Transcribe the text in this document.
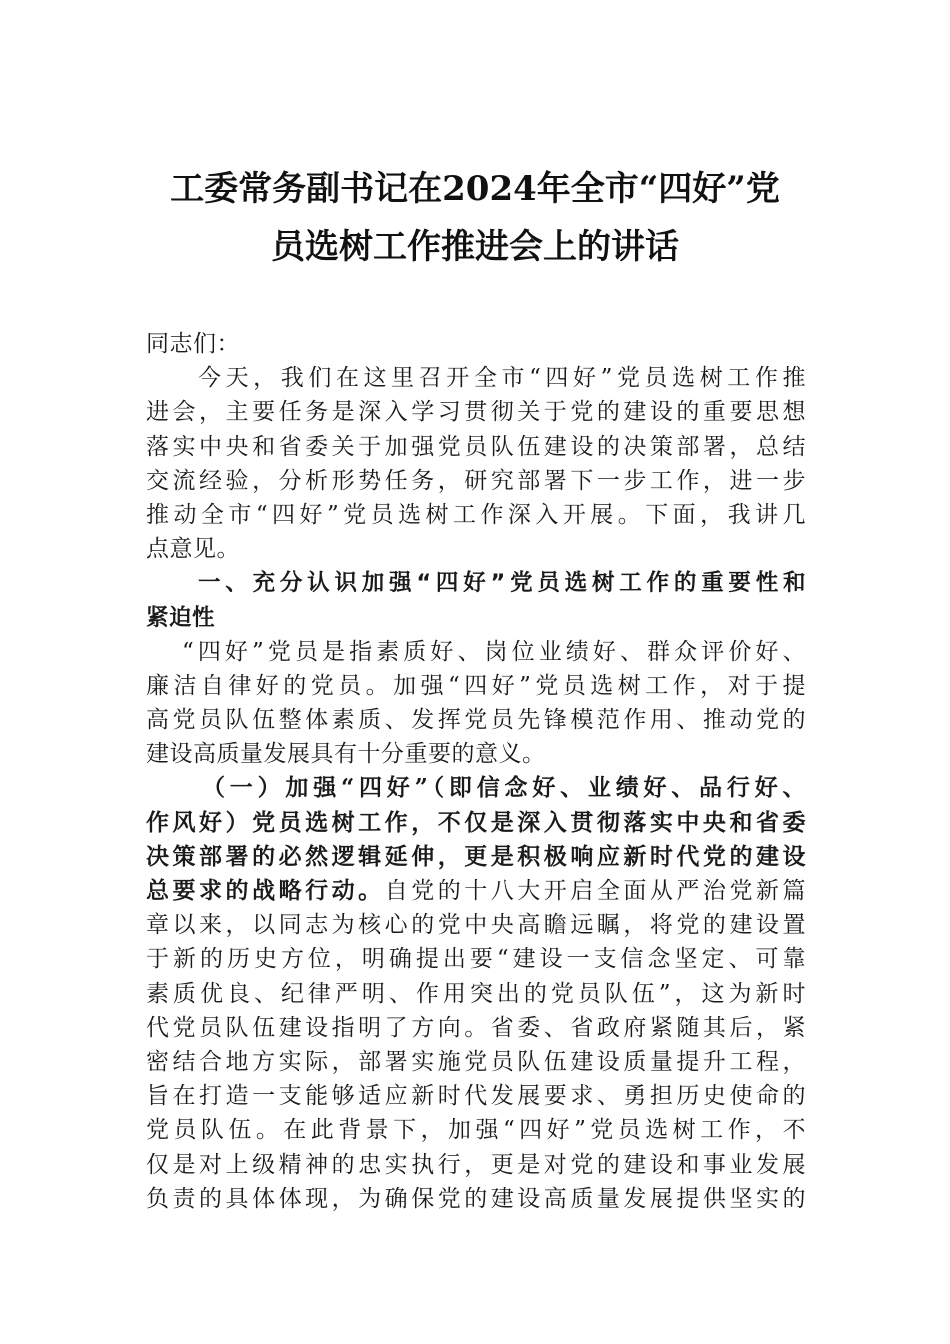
工委常务副书记在2024年全市“四好”党
员选树工作推进会上的讲话
同志们：
今天，我们在这里召开全市“四好”党员选树工作推
进会，主要任务是深入学习贯彻关于党的建设的重要思想
落实中央和省委关于加强党员队伍建设的决策部署，总结
交流经验，分析形势任务，研究部署下一步工作，进一步
推动全市“四好”党员选树工作深入开展。下面，我讲几
点意见。
一、充分认识加强“四好”党员选树工作的重要性和
紧迫性
“四好”党员是指素质好、岗位业绩好、群众评价好、
廉洁自律好的党员。加强“四好”党员选树工作，对于提
高党员队伍整体素质、发挥党员先锋模范作用、推动党的
建设高质量发展具有十分重要的意义。
（一）加强“四好”（即信念好、业绩好、品行好、
作风好）党员选树工作，不仅是深入贯彻落实中央和省委
决策部署的必然逻辑延伸，更是积极响应新时代党的建设
总要求的战略行动。自党的十八大开启全面从严治党新篇
章以来，以同志为核心的党中央高瞻远瞩，将党的建设置
于新的历史方位，明确提出要“建设一支信念坚定、可靠
素质优良、纪律严明、作用突出的党员队伍”，这为新时
代党员队伍建设指明了方向。省委、省政府紧随其后，紧
密结合地方实际，部署实施党员队伍建设质量提升工程，
旨在打造一支能够适应新时代发展要求、勇担历史使命的
党员队伍。在此背景下，加强“四好”党员选树工作，不
仅是对上级精神的忠实执行，更是对党的建设和事业发展
负责的具体体现，为确保党的建设高质量发展提供坚实的
